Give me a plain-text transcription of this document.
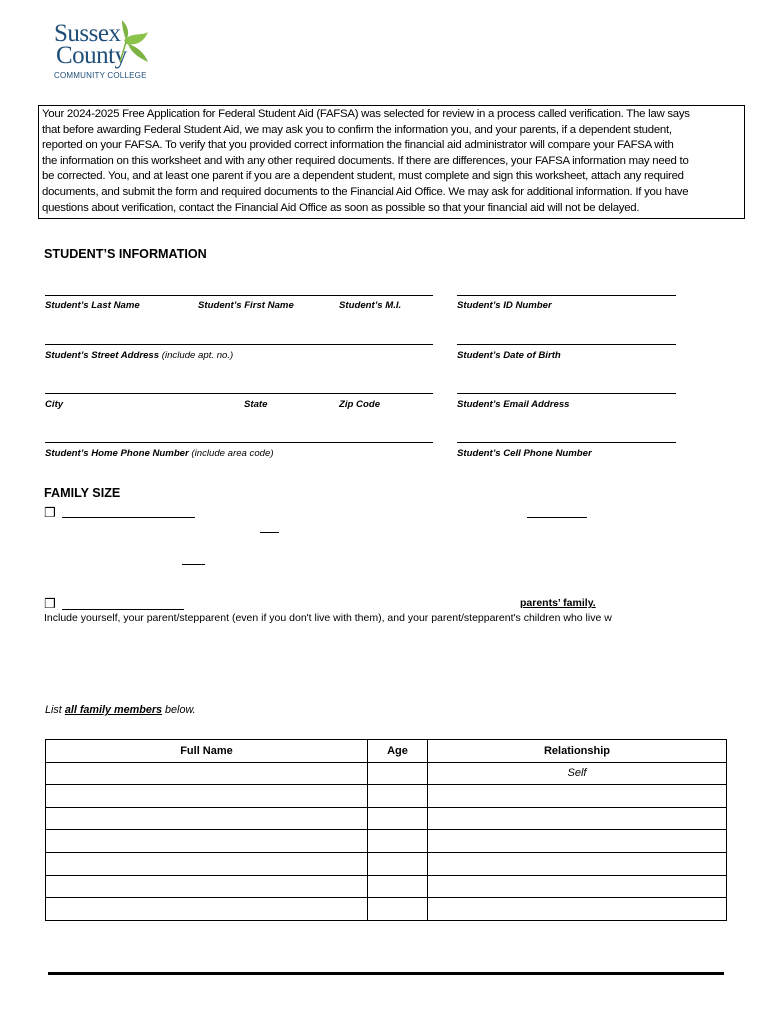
Sussex
County
COMMUNITY COLLEGE
Your 2024-2025 Free Application for Federal Student Aid (FAFSA) was selected for review in a process called verification. The law says
that before awarding Federal Student Aid, we may ask you to confirm the information you, and your parents, if a dependent student,
reported on your FAFSA. To verify that you provided correct information the financial aid administrator will compare your FAFSA with
the information on this worksheet and with any other required documents. If there are differences, your FAFSA information may need to
be corrected. You, and at least one parent if you are a dependent student, must complete and sign this worksheet, attach any required
documents, and submit the form and required documents to the Financial Aid Office. We may ask for additional information. If you have
questions about verification, contact the Financial Aid Office as soon as possible so that your financial aid will not be delayed.
STUDENT’S INFORMATION
Student’s Last Name	Student’s First Name	Student’s M.I.	Student’s ID Number
Student’s Street Address (include apt. no.)	Student’s Date of Birth
City	State	Zip Code	Student’s Email Address
Student’s Home Phone Number (include area code)	Student’s Cell Phone Number
FAMILY SIZE
❒
❒	parents’ family.
Include yourself, your parent/stepparent (even if you don't live with them), and your parent/stepparent's children who live w
List all family members below.
Full Name	Age	Relationship
		Self
